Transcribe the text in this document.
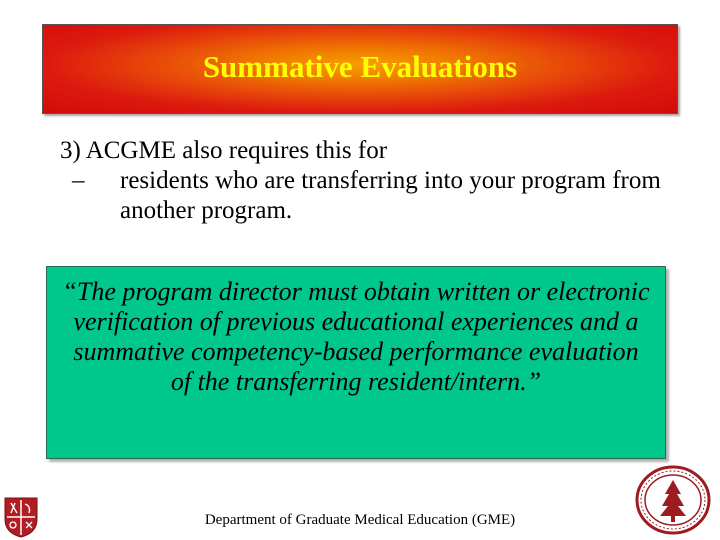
Summative Evaluations

3) ACGME also requires this for

–	residents who are transferring into your program from another program.
“The program director must obtain written or electronic verification of previous educational experiences and a summative competency-based performance evaluation of the transferring resident/intern.”
Department of Graduate Medical Education (GME)
